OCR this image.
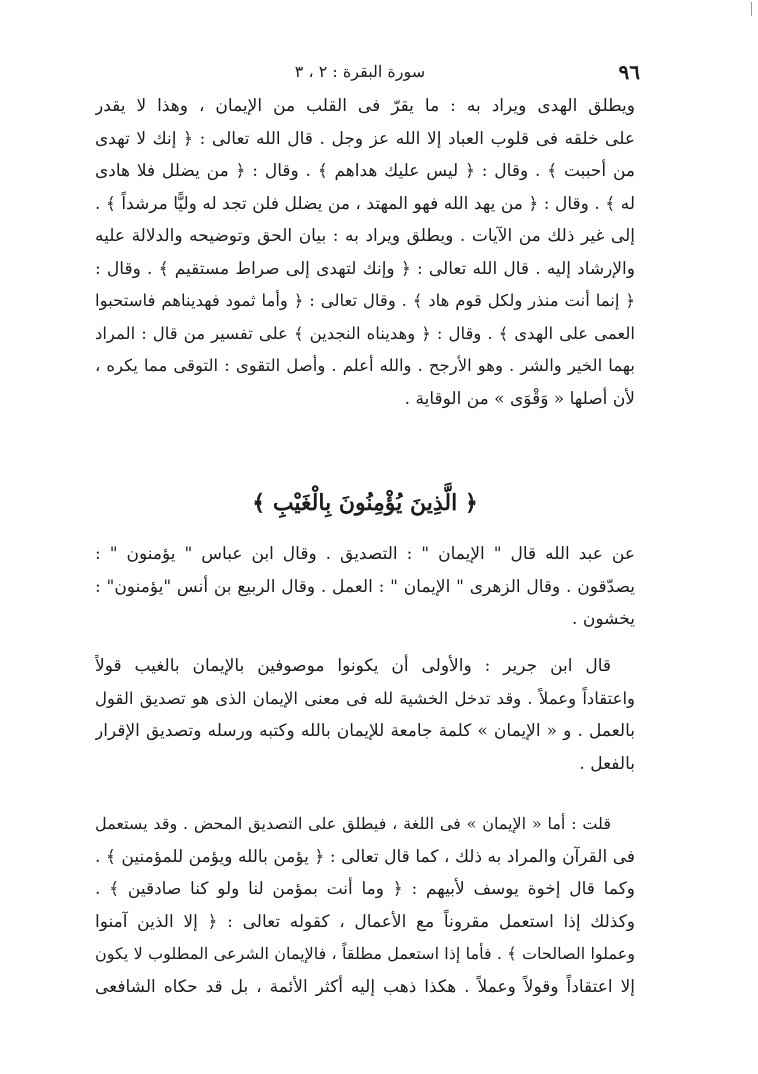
٩٦
سورة البقرة : ٢ ، ٣
ويطلق الهدى ويراد به : ما يقرّ فى القلب من الإيمان ، وهذا لا يقدر
على خلقه فى قلوب العباد إلا الله عز وجل . قال الله تعالى : ﴿ إنك لا تهدى
من أحببت ﴾ . وقال : ﴿ ليس عليك هداهم ﴾ . وقال : ﴿ من يضلل فلا هادى
له ﴾ . وقال : ﴿ من يهد الله فهو المهتد ، من يضلل فلن تجد له وليًّا مرشداً ﴾ .
إلى غير ذلك من الآيات . ويطلق ويراد به : بيان الحق وتوضيحه والدلالة عليه
والإرشاد إليه . قال الله تعالى : ﴿ وإنك لتهدى إلى صراط مستقيم ﴾ . وقال :
﴿ إنما أنت منذر ولكل قوم هاد ﴾ . وقال تعالى : ﴿ وأما ثمود فهديناهم فاستحبوا
العمى على الهدى ﴾ . وقال : ﴿ وهديناه النجدين ﴾ على تفسير من قال : المراد
بهما الخير والشر . وهو الأرجح . والله أعلم . وأصل التقوى : التوقى مما يكره ،
لأن أصلها « وَقْوَى » من الوقاية .
﴿ الَّذِينَ يُؤْمِنُونَ بِالْغَيْبِ ﴾
عن عبد الله قال " الإيمان " : التصديق . وقال ابن عباس " يؤمنون " :
يصدّقون . وقال الزهرى " الإيمان " : العمل . وقال الربيع بن أنس "يؤمنون" :
يخشون .
قال ابن جرير : والأولى أن يكونوا موصوفين بالإيمان بالغيب قولاً
واعتقاداً وعملاً . وقد تدخل الخشية لله فى معنى الإيمان الذى هو تصديق القول
بالعمل . و « الإيمان » كلمة جامعة للإيمان بالله وكتبه ورسله وتصديق الإقرار
بالفعل .
قلت : أما « الإيمان » فى اللغة ، فيطلق على التصديق المحض . وقد يستعمل
فى القرآن والمراد به ذلك ، كما قال تعالى : ﴿ يؤمن بالله ويؤمن للمؤمنين ﴾ .
وكما قال إخوة يوسف لأبيهم : ﴿ وما أنت بمؤمن لنا ولو كنا صادقين ﴾ .
وكذلك إذا استعمل مقروناً مع الأعمال ، كقوله تعالى : ﴿ إلا الذين آمنوا
وعملوا الصالحات ﴾ . فأما إذا استعمل مطلقاً ، فالإيمان الشرعى المطلوب لا يكون
إلا اعتقاداً وقولاً وعملاً . هكذا ذهب إليه أكثر الأئمة ، بل قد حكاه الشافعى
